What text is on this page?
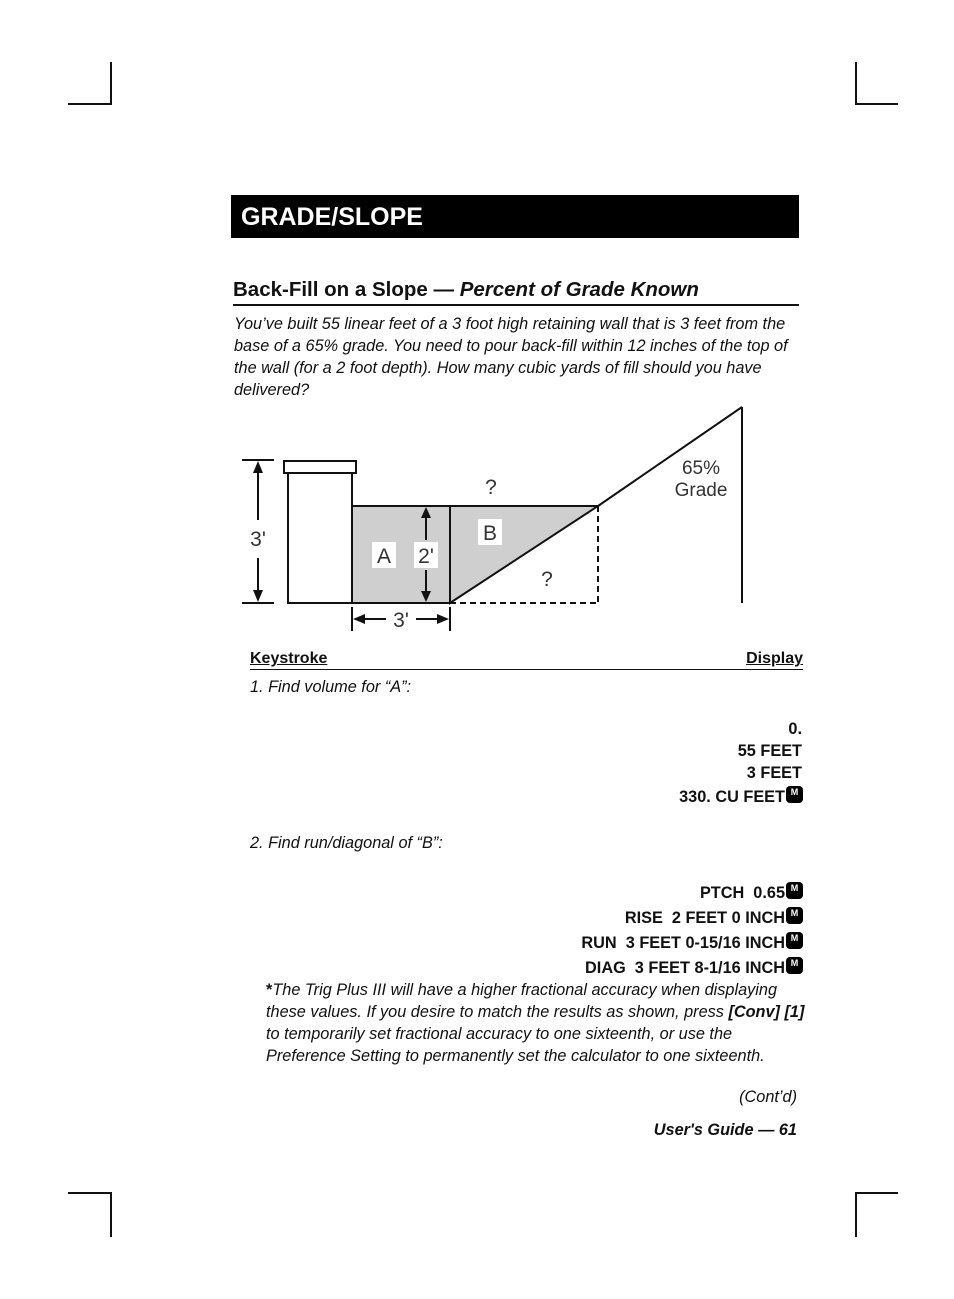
GRADE/SLOPE
Back-Fill on a Slope — Percent of Grade Known
You’ve built 55 linear feet of a 3 foot high retaining wall that is 3 feet from the base of a 65% grade. You need to pour back-fill within 12 inches of the top of the wall (for a 2 foot depth). How many cubic yards of fill should you have delivered?
3'
2'
A
B
?
?
65%
Grade
3'
Keystroke	Display
1. Find volume for “A”:
0.
55 FEET
3 FEET
330. CU FEET M
2. Find run/diagonal of “B”:
PTCH  0.65 M
RISE  2 FEET 0 INCH M
RUN  3 FEET 0-15/16 INCH M
DIAG  3 FEET 8-1/16 INCH M
*The Trig Plus III will have a higher fractional accuracy when displaying these values. If you desire to match the results as shown, press [Conv] [1] to temporarily set fractional accuracy to one sixteenth, or use the Preference Setting to permanently set the calculator to one sixteenth.
(Cont’d)
User's Guide — 61
